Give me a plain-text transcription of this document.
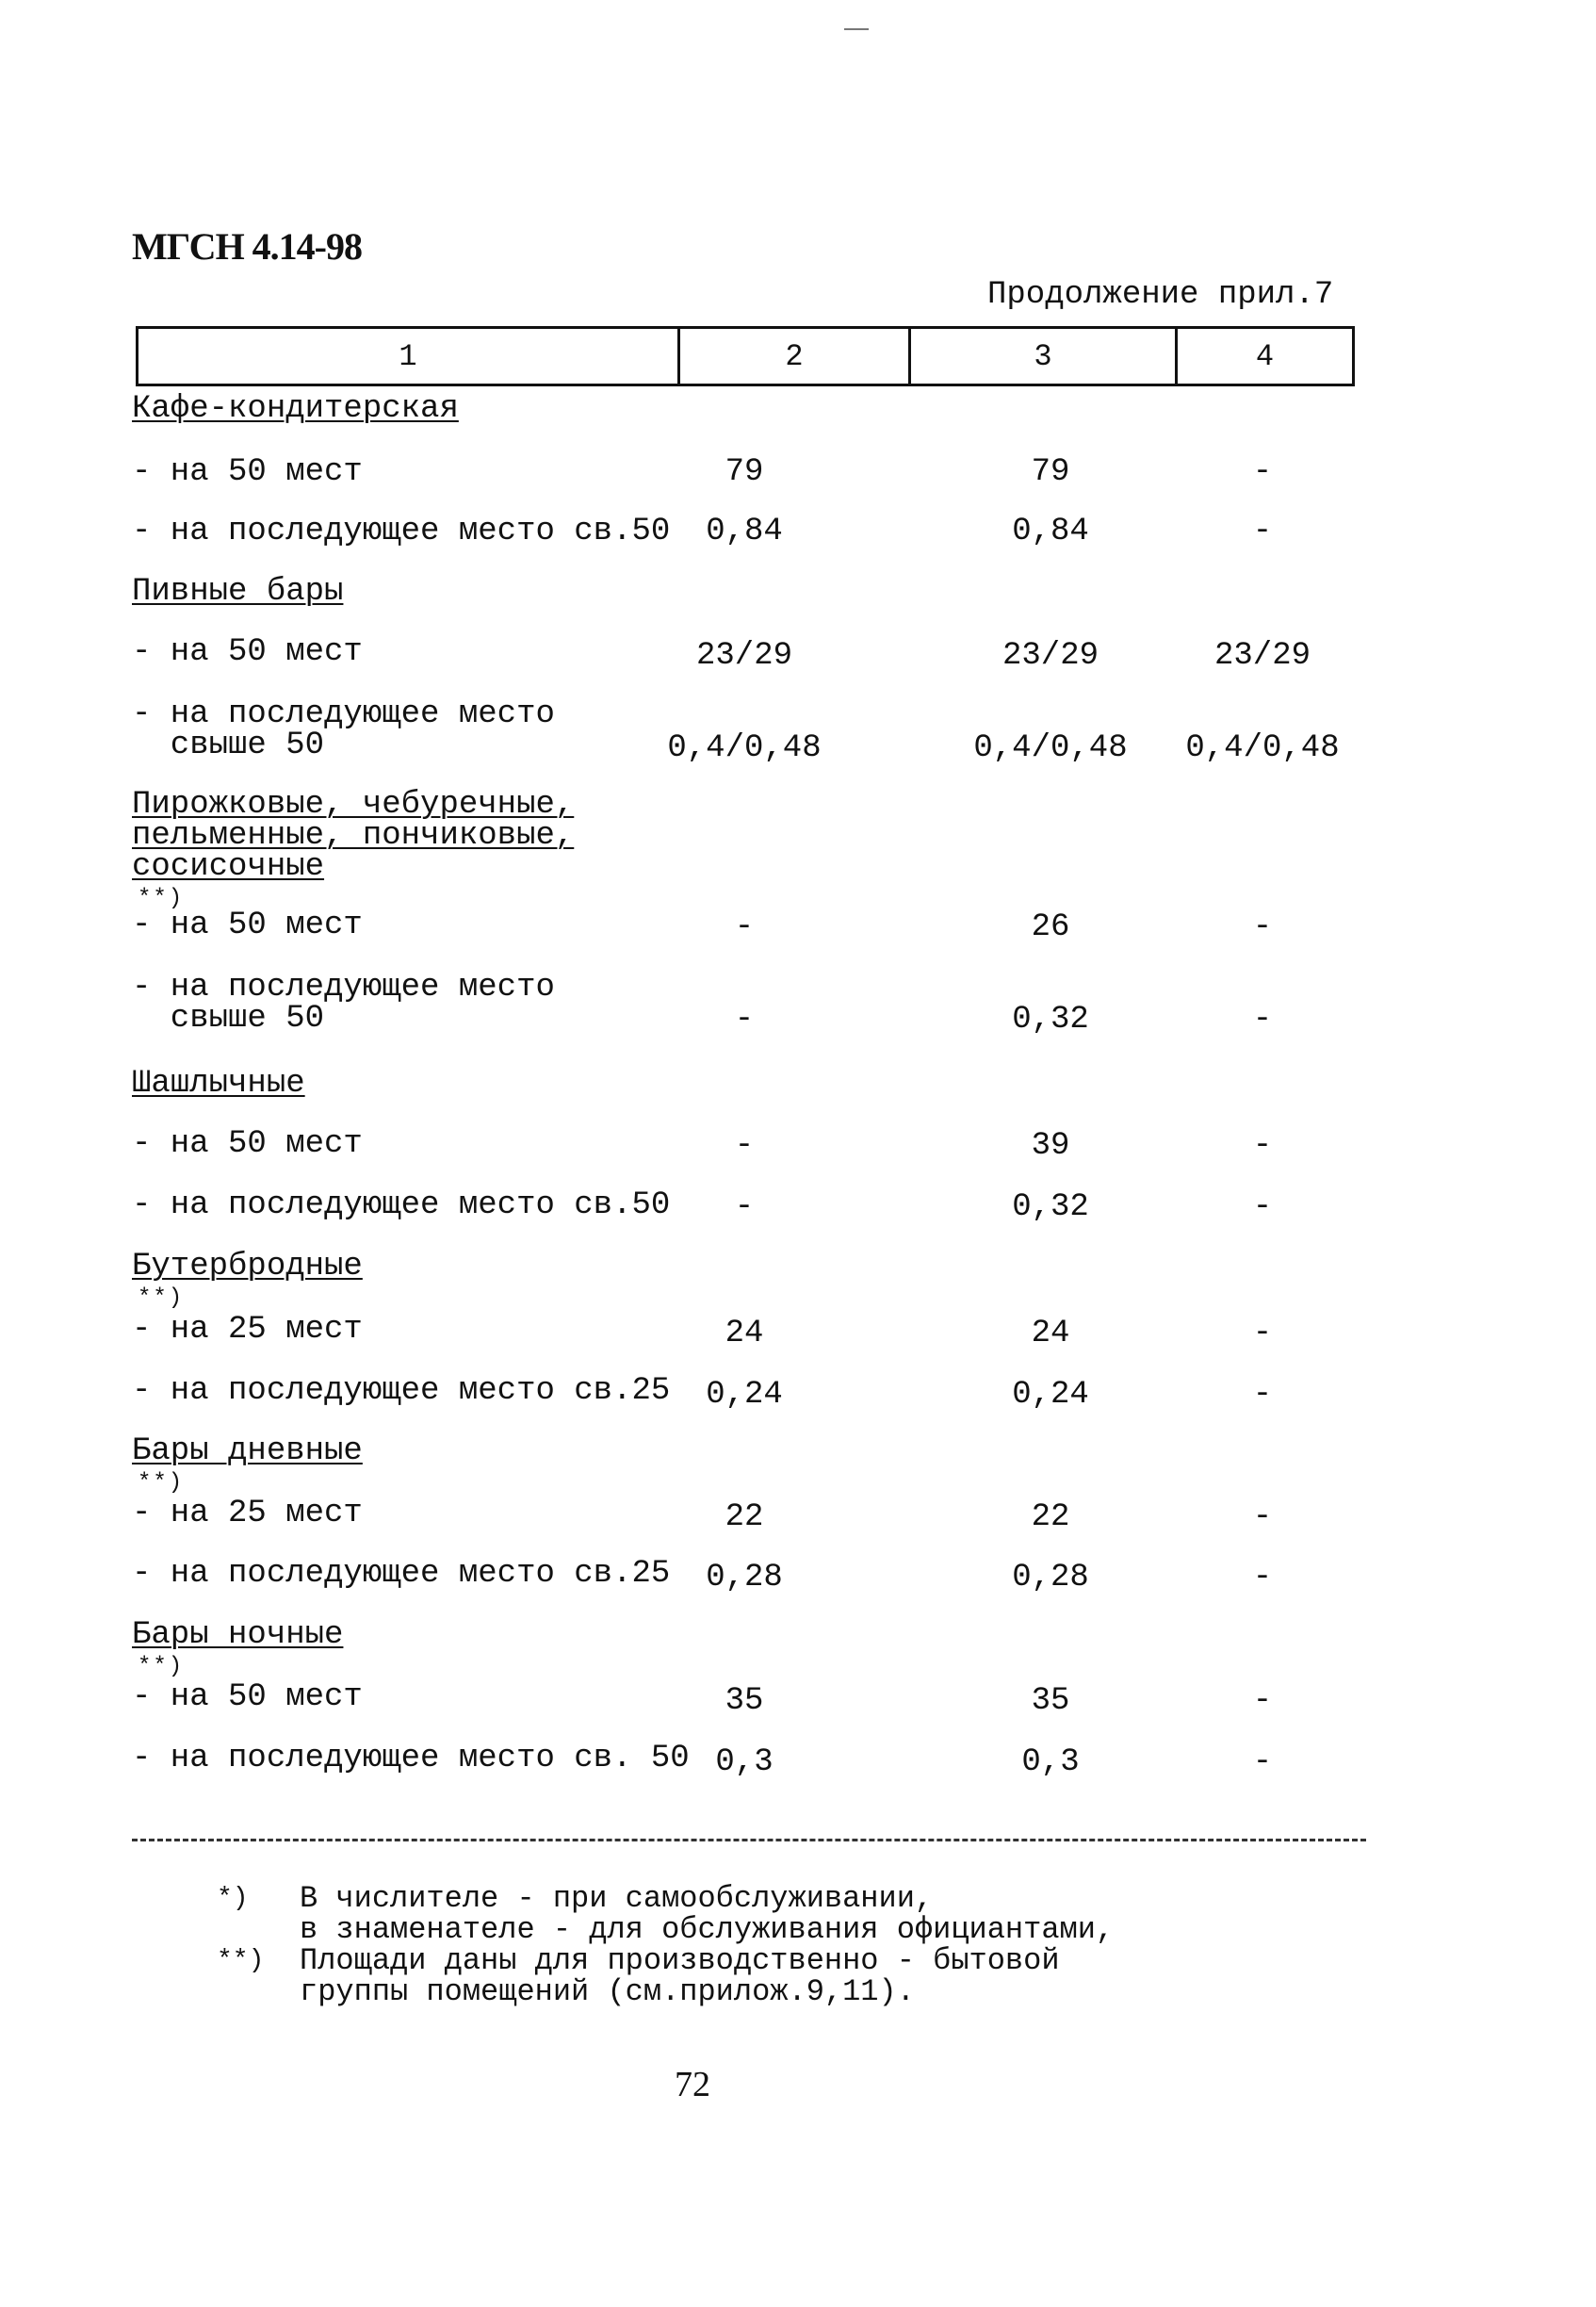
МГСН 4.14-98
Продолжение прил.7
1	2	3	4
Кафе-кондитерская
- на 50 мест	79	79	-
- на последующее место св.50	0,84	0,84	-
Пивные бары
- на 50 мест	23/29	23/29	23/29
- на последующее место
свыше 50	0,4/0,48	0,4/0,48	0,4/0,48
Пирожковые, чебуречные,
пельменные, пончиковые,
сосисочные
**)
- на 50 мест	-	26	-
- на последующее место
свыше 50	-	0,32	-
Шашлычные
- на 50 мест	-	39	-
- на последующее место св.50	-	0,32	-
Бутербродные
**)
- на 25 мест	24	24	-
- на последующее место св.25	0,24	0,24	-
Бары дневные
**)
- на 25 мест	22	22	-
- на последующее место св.25	0,28	0,28	-
Бары ночные
**)
- на 50 мест	35	35	-
- на последующее место св. 50 0,3	0,3	-
*) В числителе - при самообслуживании,
в знаменателе - для обслуживания официантами,
**) Площади даны для производственно - бытовой
группы помещений (см.прилож.9,11).
72
